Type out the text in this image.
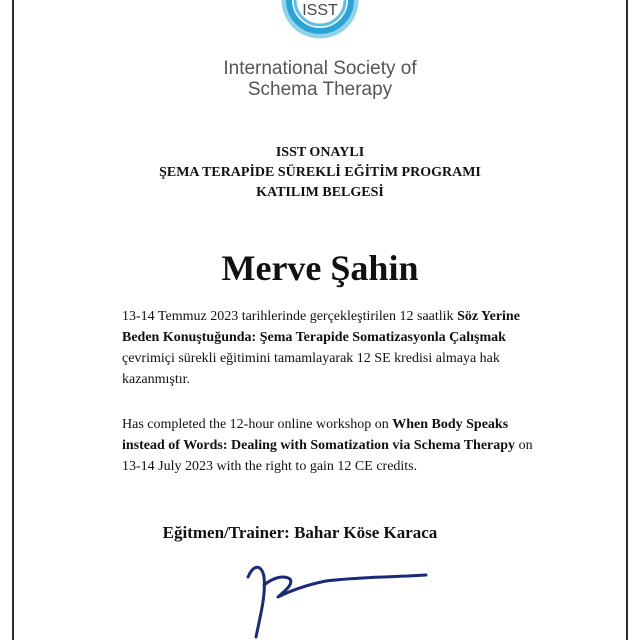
ISST
International Society of
Schema Therapy
ISST ONAYLI
ŞEMA TERAPİDE SÜREKLİ EĞİTİM PROGRAMI
KATILIM BELGESİ
Merve Şahin
13-14 Temmuz 2023 tarihlerinde gerçekleştirilen 12 saatlik Söz Yerine Beden Konuştuğunda: Şema Terapide Somatizasyonla Çalışmak çevrimiçi sürekli eğitimini tamamlayarak 12 SE kredisi almaya hak kazanmıştır.
Has completed the 12-hour online workshop on When Body Speaks instead of Words: Dealing with Somatization via Schema Therapy on 13-14 July 2023 with the right to gain 12 CE credits.
Eğitmen/Trainer: Bahar Köse Karaca
